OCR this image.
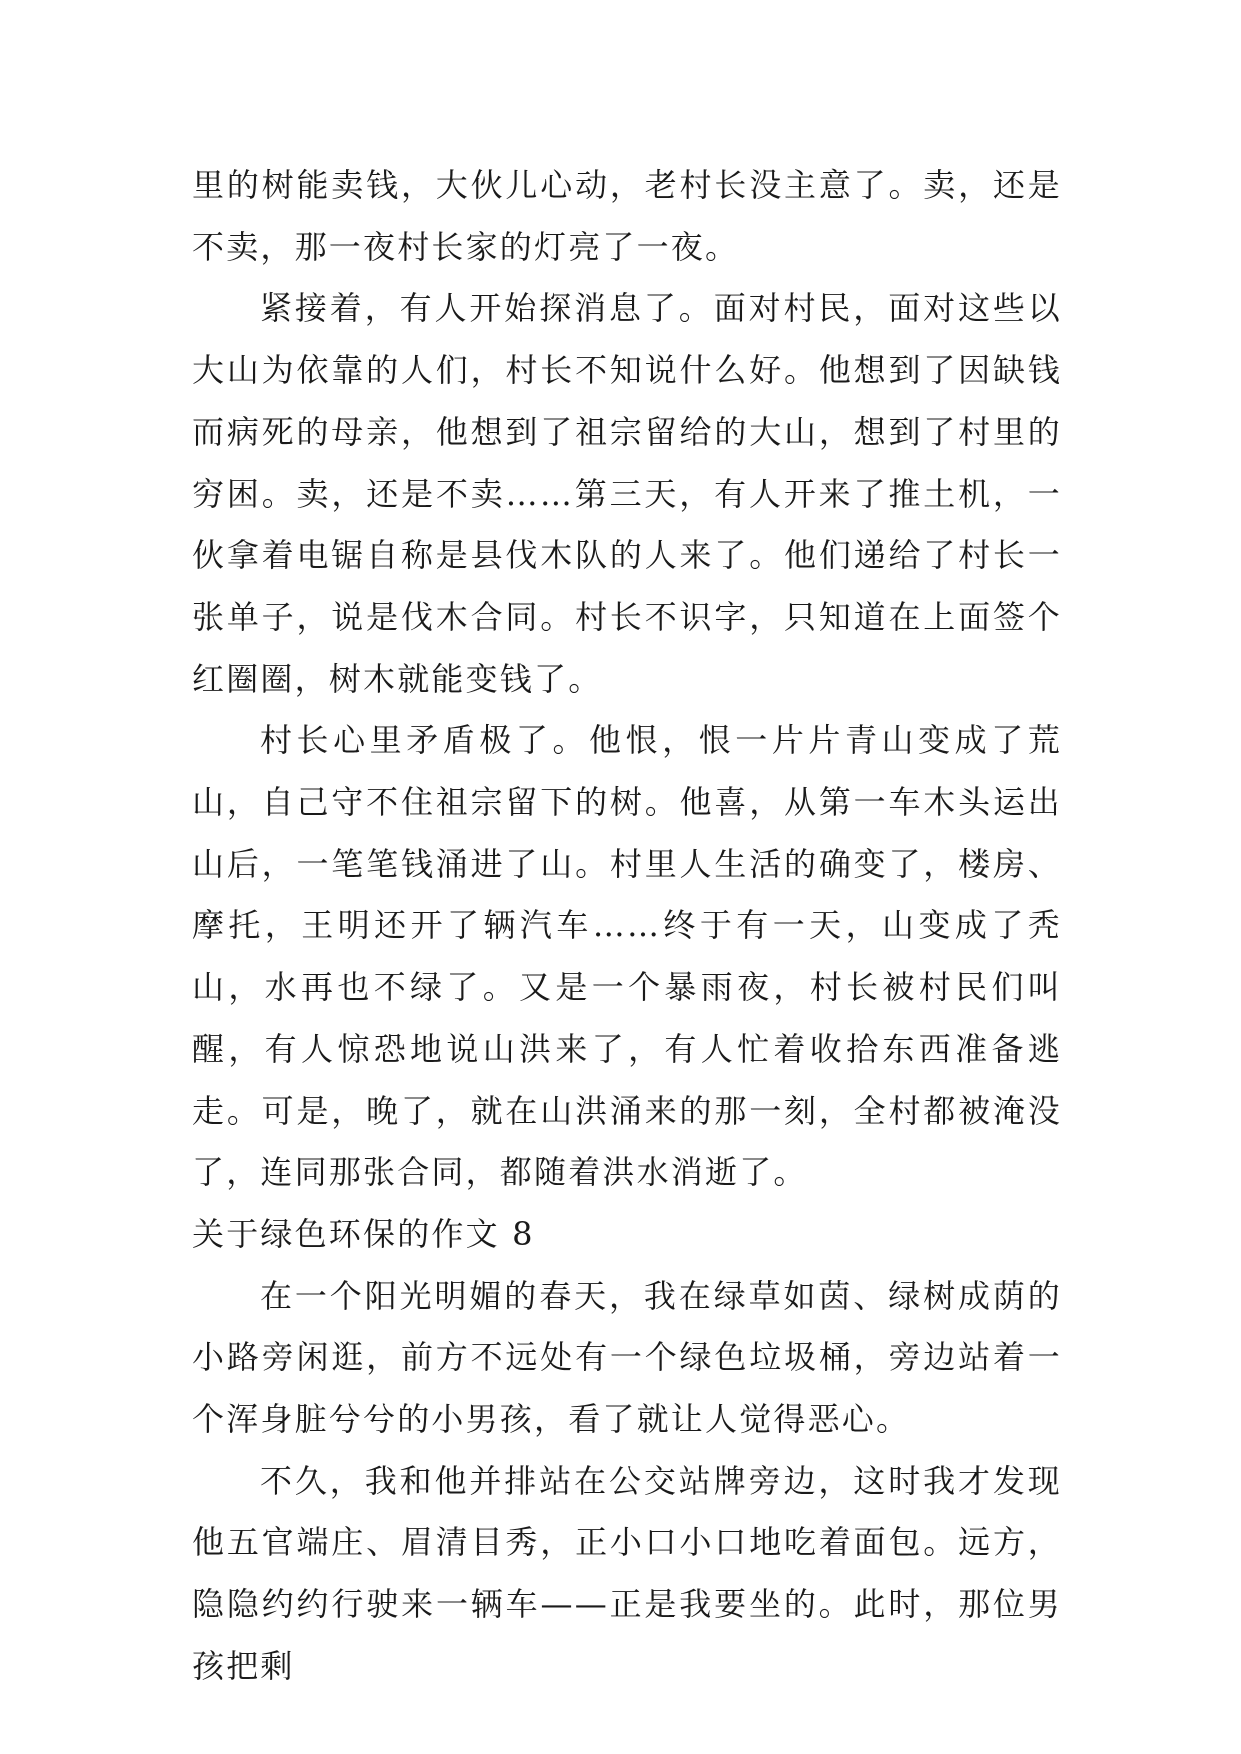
里的树能卖钱，大伙儿心动，老村长没主意了。卖，还是不卖，那一夜村长家的灯亮了一夜。

紧接着，有人开始探消息了。面对村民，面对这些以大山为依靠的人们，村长不知说什么好。他想到了因缺钱而病死的母亲，他想到了祖宗留给的大山，想到了村里的穷困。卖，还是不卖……第三天，有人开来了推土机，一伙拿着电锯自称是县伐木队的人来了。他们递给了村长一张单子，说是伐木合同。村长不识字，只知道在上面签个红圈圈，树木就能变钱了。

村长心里矛盾极了。他恨，恨一片片青山变成了荒山，自己守不住祖宗留下的树。他喜，从第一车木头运出山后，一笔笔钱涌进了山。村里人生活的确变了，楼房、摩托，王明还开了辆汽车……终于有一天，山变成了秃山，水再也不绿了。又是一个暴雨夜，村长被村民们叫醒，有人惊恐地说山洪来了，有人忙着收拾东西准备逃走。可是，晚了，就在山洪涌来的那一刻，全村都被淹没了，连同那张合同，都随着洪水消逝了。

关于绿色环保的作文 8

在一个阳光明媚的春天，我在绿草如茵、绿树成荫的小路旁闲逛，前方不远处有一个绿色垃圾桶，旁边站着一个浑身脏兮兮的小男孩，看了就让人觉得恶心。

不久，我和他并排站在公交站牌旁边，这时我才发现他五官端庄、眉清目秀，正小口小口地吃着面包。远方，隐隐约约行驶来一辆车——正是我要坐的。此时，那位男孩把剩
